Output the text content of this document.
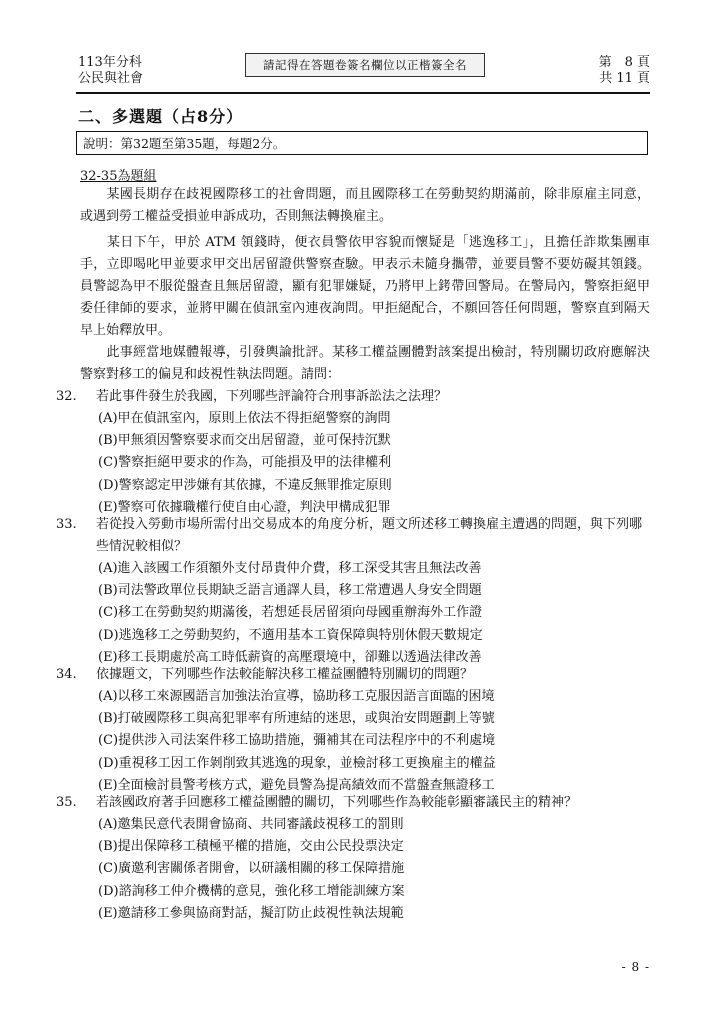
113年分科
公民與社會
請記得在答題卷簽名欄位以正楷簽全名	第　8 頁
共 11 頁
二、多選題（占8分）
說明：第32題至第35題，每題2分。
32-35為題組
　　某國長期存在歧視國際移工的社會問題，而且國際移工在勞動契約期滿前，除非原雇主同意，或遇到勞工權益受損並申訴成功，否則無法轉換雇主。
　　某日下午，甲於 ATM 領錢時，便衣員警依甲容貌而懷疑是「逃逸移工」，且擔任詐欺集團車手，立即喝叱甲並要求甲交出居留證供警察查驗。甲表示未隨身攜帶，並要員警不要妨礙其領錢。員警認為甲不服從盤查且無居留證，顯有犯罪嫌疑，乃將甲上銬帶回警局。在警局內，警察拒絕甲委任律師的要求，並將甲關在偵訊室內連夜詢問。甲拒絕配合，不願回答任何問題，警察直到隔天早上始釋放甲。
　　此事經當地媒體報導，引發輿論批評。某移工權益團體對該案提出檢討，特別關切政府應解決警察對移工的偏見和歧視性執法問題。請問：
32. 若此事件發生於我國，下列哪些評論符合刑事訴訟法之法理？
(A)甲在偵訊室內，原則上依法不得拒絕警察的詢問
(B)甲無須因警察要求而交出居留證，並可保持沉默
(C)警察拒絕甲要求的作為，可能損及甲的法律權利
(D)警察認定甲涉嫌有其依據，不違反無罪推定原則
(E)警察可依據職權行使自由心證，判決甲構成犯罪
33. 若從投入勞動市場所需付出交易成本的角度分析，題文所述移工轉換雇主遭遇的問題，與下列哪些情況較相似？
(A)進入該國工作須額外支付昂貴仲介費，移工深受其害且無法改善
(B)司法警政單位長期缺乏語言通譯人員，移工常遭遇人身安全問題
(C)移工在勞動契約期滿後，若想延長居留須向母國重辦海外工作證
(D)逃逸移工之勞動契約，不適用基本工資保障與特別休假天數規定
(E)移工長期處於高工時低薪資的高壓環境中，卻難以透過法律改善
34. 依據題文，下列哪些作法較能解決移工權益團體特別關切的問題？
(A)以移工來源國語言加強法治宣導，協助移工克服因語言面臨的困境
(B)打破國際移工與高犯罪率有所連結的迷思，或與治安問題劃上等號
(C)提供涉入司法案件移工協助措施，彌補其在司法程序中的不利處境
(D)重視移工因工作剝削致其逃逸的現象，並檢討移工更換雇主的權益
(E)全面檢討員警考核方式，避免員警為提高績效而不當盤查無證移工
35. 若該國政府著手回應移工權益團體的關切，下列哪些作為較能彰顯審議民主的精神？
(A)邀集民意代表開會協商、共同審議歧視移工的罰則
(B)提出保障移工積極平權的措施，交由公民投票決定
(C)廣邀利害關係者開會，以研議相關的移工保障措施
(D)諮詢移工仲介機構的意見，強化移工增能訓練方案
(E)邀請移工參與協商對話，擬訂防止歧視性執法規範
- 8 -
